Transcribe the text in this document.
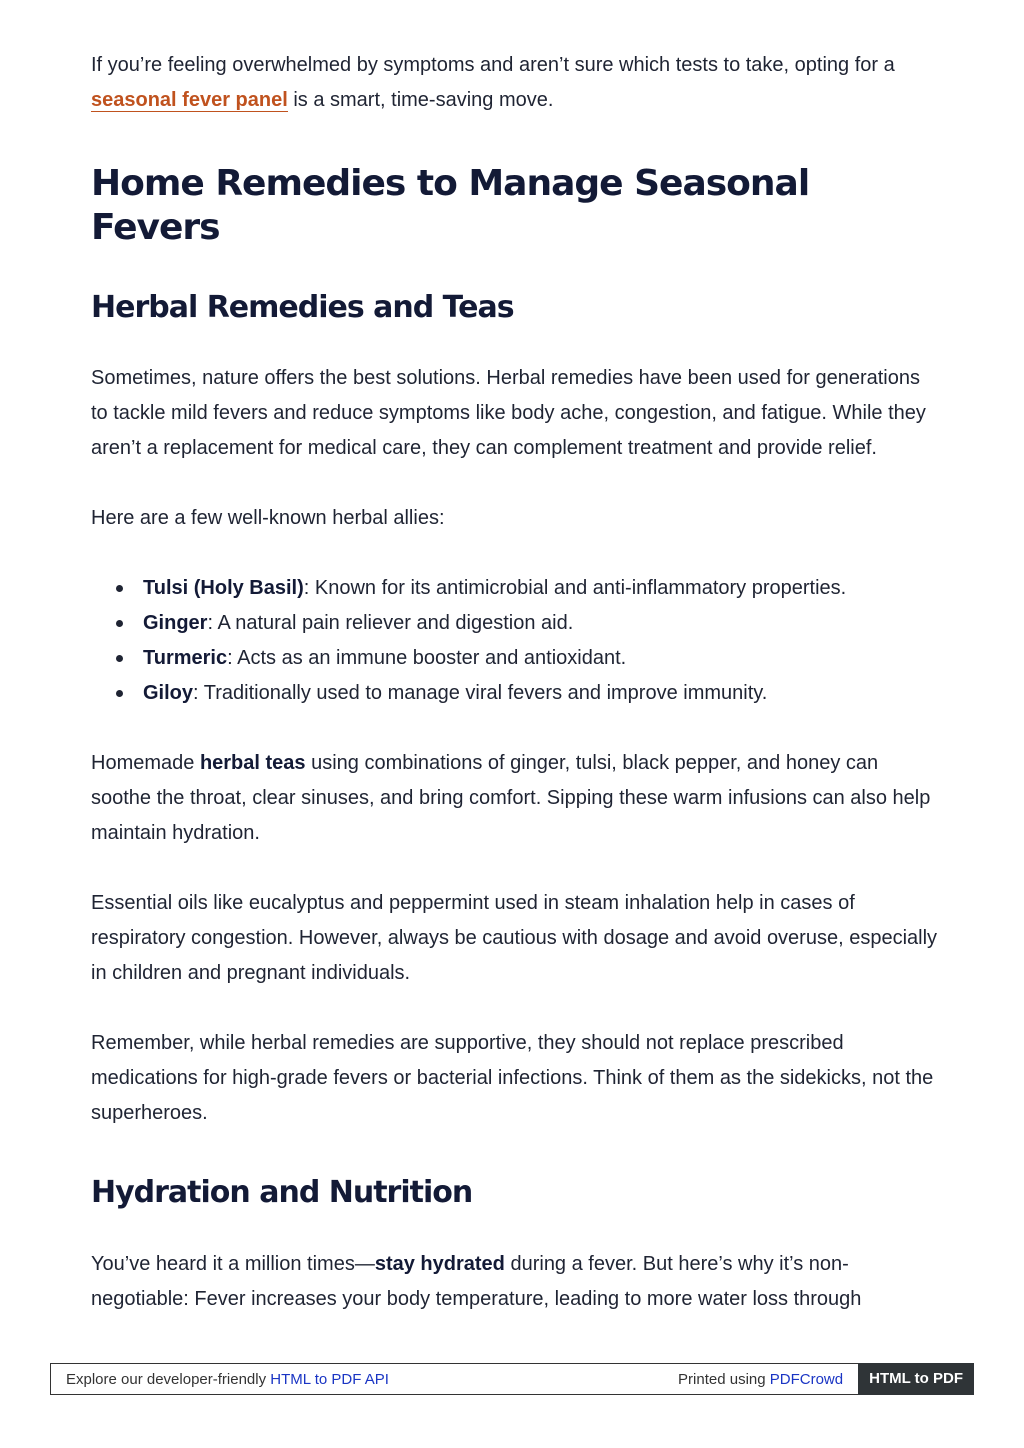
If you’re feeling overwhelmed by symptoms and aren’t sure which tests to take, opting for a seasonal fever panel is a smart, time-saving move.

Home Remedies to Manage Seasonal Fevers
Herbal Remedies and Teas

Sometimes, nature offers the best solutions. Herbal remedies have been used for generations to tackle mild fevers and reduce symptoms like body ache, congestion, and fatigue. While they aren’t a replacement for medical care, they can complement treatment and provide relief.

Here are a few well-known herbal allies:

Tulsi (Holy Basil): Known for its antimicrobial and anti-inflammatory properties.
Ginger: A natural pain reliever and digestion aid.
Turmeric: Acts as an immune booster and antioxidant.
Giloy: Traditionally used to manage viral fevers and improve immunity.

Homemade herbal teas using combinations of ginger, tulsi, black pepper, and honey can soothe the throat, clear sinuses, and bring comfort. Sipping these warm infusions can also help maintain hydration.

Essential oils like eucalyptus and peppermint used in steam inhalation help in cases of respiratory congestion. However, always be cautious with dosage and avoid overuse, especially in children and pregnant individuals.

Remember, while herbal remedies are supportive, they should not replace prescribed medications for high-grade fevers or bacterial infections. Think of them as the sidekicks, not the superheroes.

Hydration and Nutrition

You’ve heard it a million times—stay hydrated during a fever. But here’s why it’s non-negotiable: Fever increases your body temperature, leading to more water loss through

Explore our developer-friendly HTML to PDF API	Printed using PDFCrowd	HTML to PDF
